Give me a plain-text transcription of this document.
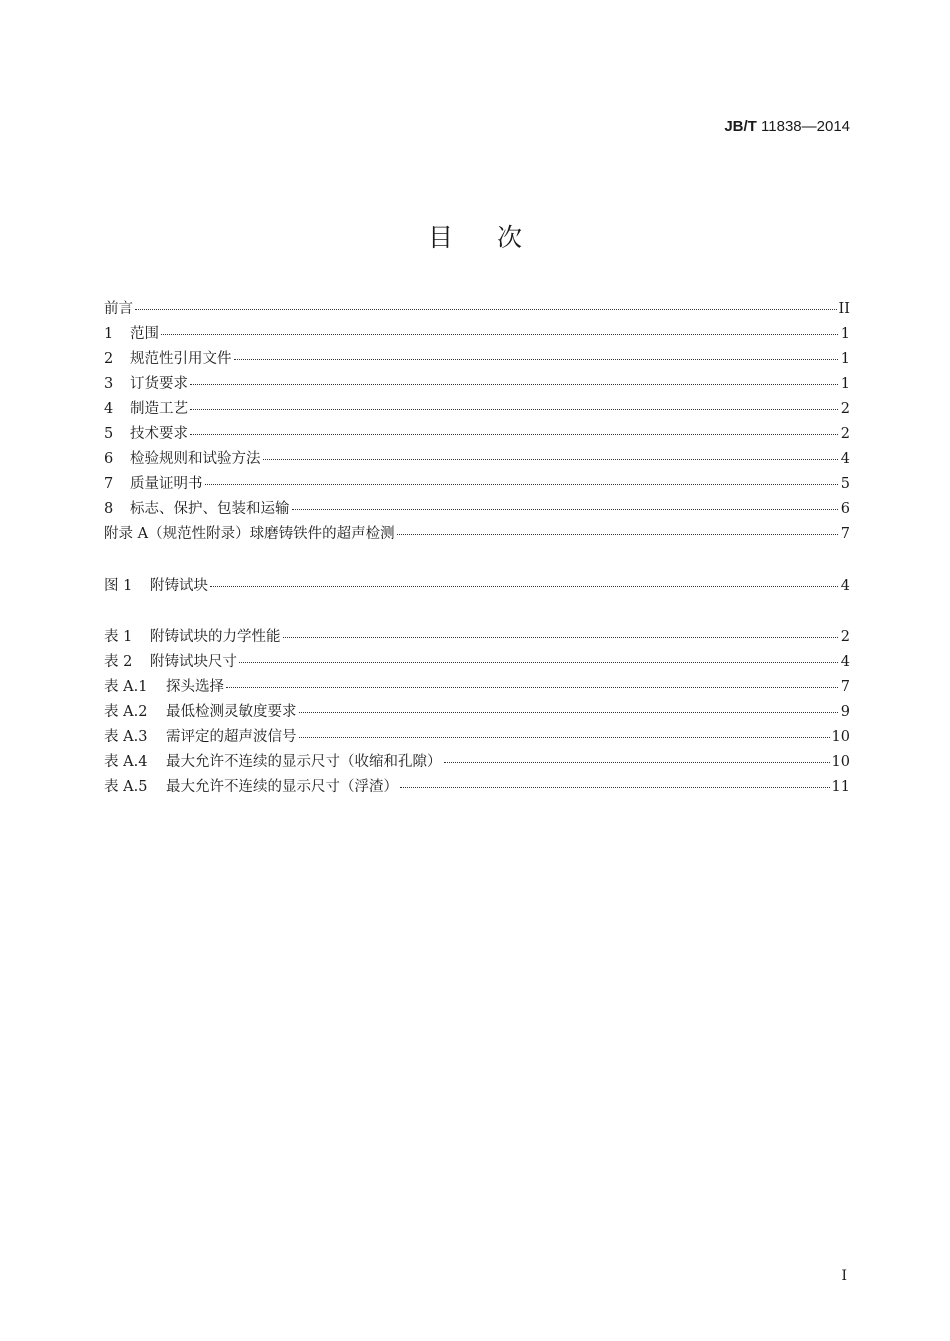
JB/T 11838—2014
目次
前言	II
1	范围	1
2	规范性引用文件	1
3	订货要求	1
4	制造工艺	2
5	技术要求	2
6	检验规则和试验方法	4
7	质量证明书	5
8	标志、保护、包装和运输	6
附录 A（规范性附录）球磨铸铁件的超声检测	7
图 1	附铸试块	4
表 1	附铸试块的力学性能	2
表 2	附铸试块尺寸	4
表 A.1	探头选择	7
表 A.2	最低检测灵敏度要求	9
表 A.3	需评定的超声波信号	10
表 A.4	最大允许不连续的显示尺寸（收缩和孔隙）	10
表 A.5	最大允许不连续的显示尺寸（浮渣）	11
I
